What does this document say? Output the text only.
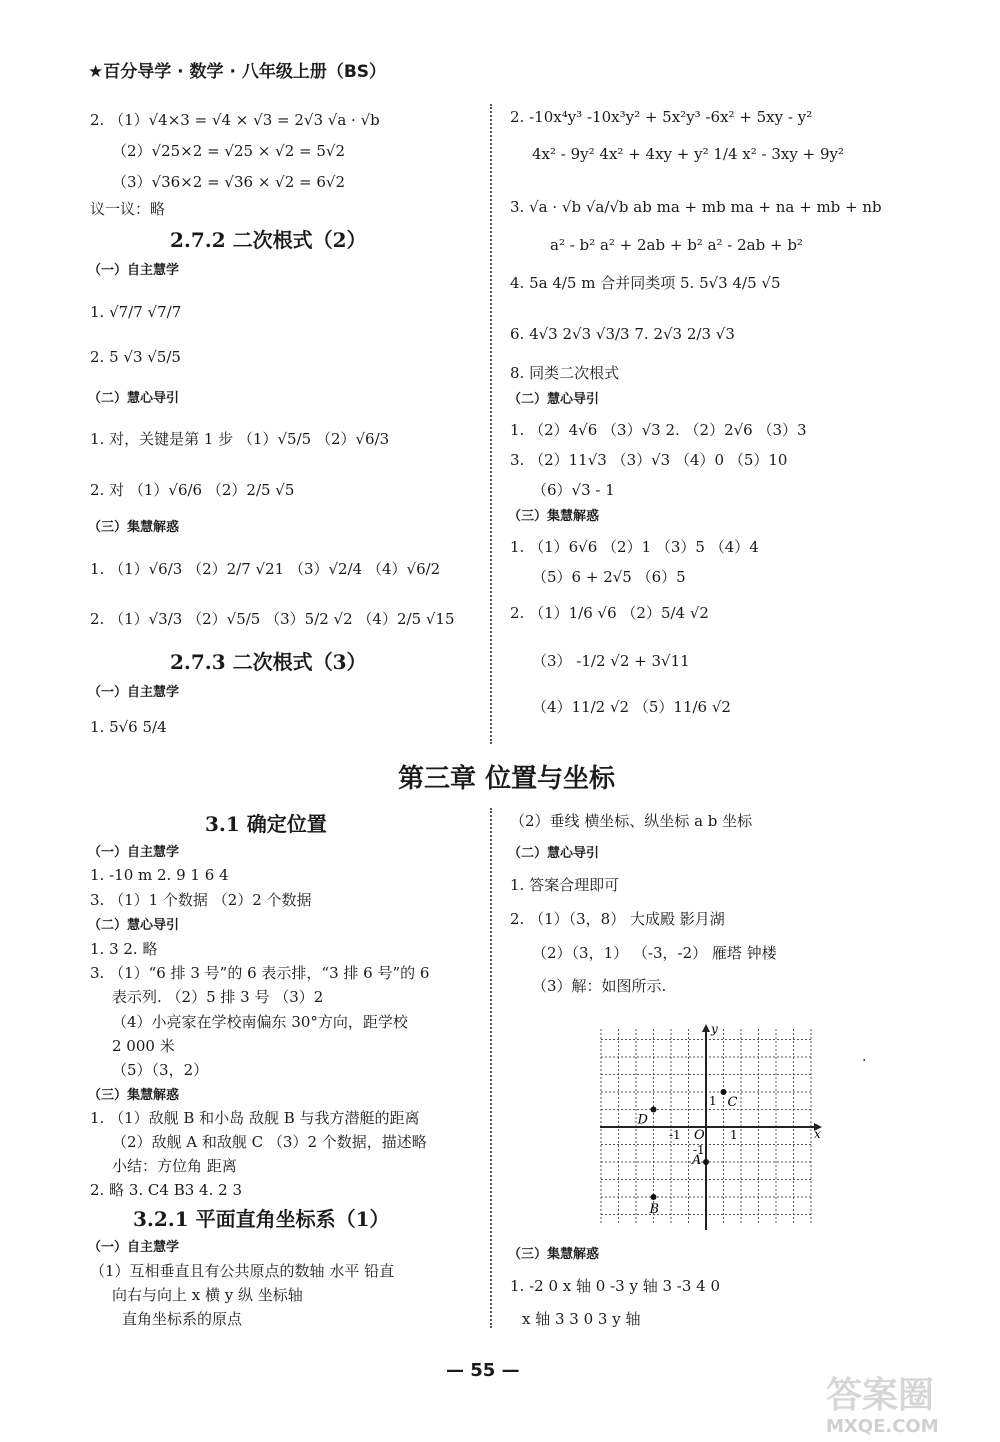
★百分导学 · 数学 · 八年级上册（BS）
2. （1）√4×3 = √4 × √3 = 2√3 √a · √b
（2）√25×2 = √25 × √2 = 5√2
（3）√36×2 = √36 × √2 = 6√2
议一议：略
2.7.2 二次根式（2）
（一）自主慧学
1. √7/7 √7/7
2. 5 √3 √5/5
（二）慧心导引
1. 对，关键是第 1 步 （1）√5/5 （2）√6/3
2. 对 （1）√6/6 （2）2/5 √5
（三）集慧解惑
1. （1）√6/3 （2）2/7 √21 （3）√2/4 （4）√6/2
2. （1）√3/3 （2）√5/5 （3）5/2 √2 （4）2/5 √15
2.7.3 二次根式（3）
（一）自主慧学
1. 5√6 5/4
2. -10x⁴y³ -10x³y² + 5x²y³ -6x² + 5xy - y²
4x² - 9y² 4x² + 4xy + y² 1/4 x² - 3xy + 9y²
3. √a · √b √a/√b ab ma + mb ma + na + mb + nb
a² - b² a² + 2ab + b² a² - 2ab + b²
4. 5a 4/5 m 合并同类项 5. 5√3 4/5 √5
6. 4√3 2√3 √3/3 7. 2√3 2/3 √3
8. 同类二次根式
（二）慧心导引
1. （2）4√6 （3）√3 2. （2）2√6 （3）3
3. （2）11√3 （3）√3 （4）0 （5）10
（6）√3 - 1
（三）集慧解惑
1. （1）6√6 （2）1 （3）5 （4）4
（5）6 + 2√5 （6）5
2. （1）1/6 √6 （2）5/4 √2
（3） -1/2 √2 + 3√11
（4）11/2 √2 （5）11/6 √2
第三章 位置与坐标
3.1 确定位置
（一）自主慧学
1. -10 m 2. 9 1 6 4
3. （1）1 个数据 （2）2 个数据
（二）慧心导引
1. 3 2. 略
3. （1）“6 排 3 号”的 6 表示排，“3 排 6 号”的 6
表示列. （2）5 排 3 号 （3）2
（4）小亮家在学校南偏东 30°方向，距学校
2 000 米
（5）（3，2）
（三）集慧解惑
1. （1）敌舰 B 和小岛 敌舰 B 与我方潜艇的距离
（2）敌舰 A 和敌舰 C （3）2 个数据，描述略
小结：方位角 距离
2. 略 3. C4 B3 4. 2 3
3.2.1 平面直角坐标系（1）
（一）自主慧学
（1）互相垂直且有公共原点的数轴 水平 铅直
向右与向上 x 横 y 纵 坐标轴
直角坐标系的原点
（2）垂线 横坐标、纵坐标 a b 坐标
（二）慧心导引
1. 答案合理即可
2. （1）（3，8） 大成殿 影月湖
（2）（3，1） （-3，-2） 雁塔 钟楼
（3）解：如图所示.
x
y
O
-1	1
1
-1
A
B
C
D
.
（三）集慧解惑
1. -2 0 x 轴 0 -3 y 轴 3 -3 4 0
x 轴 3 3 0 3 y 轴
— 55 —
答案圈
MXQE.COM
